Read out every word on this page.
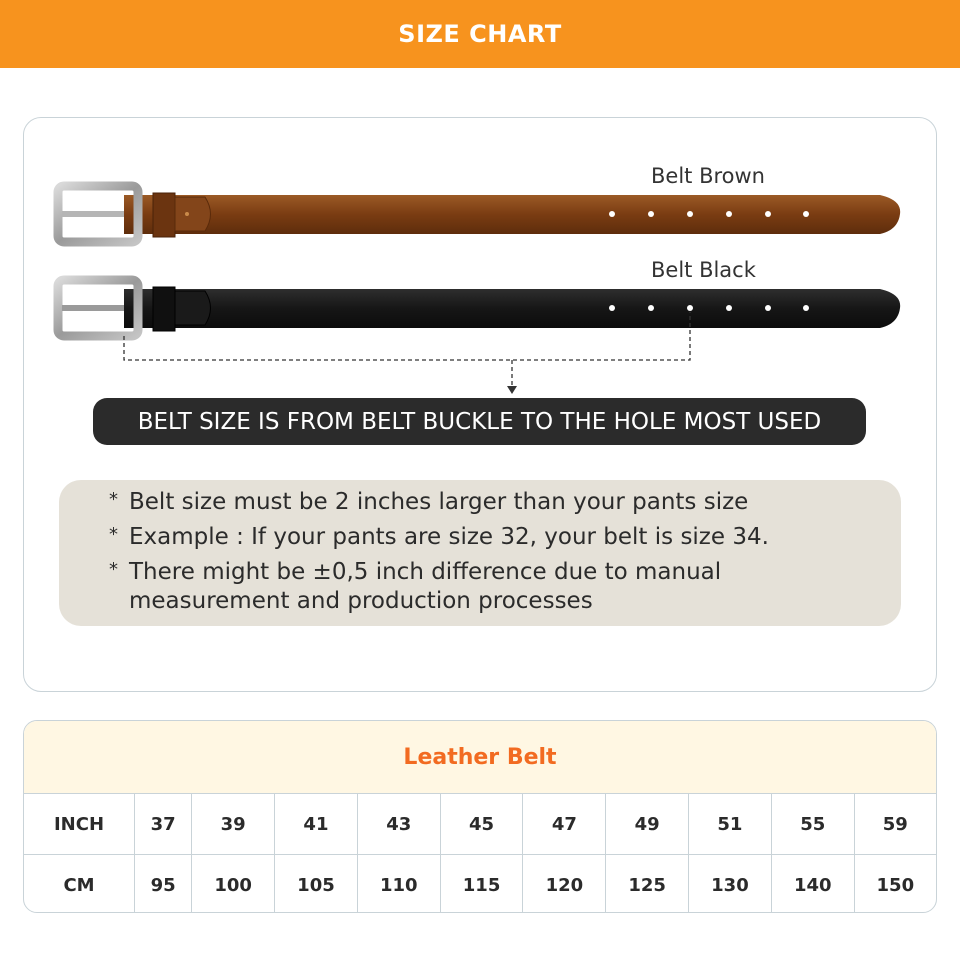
SIZE CHART
Belt Brown
Belt Black
BELT SIZE IS FROM BELT BUCKLE TO THE HOLE MOST USED
* Belt size must be 2 inches larger than your pants size
* Example : If your pants are size 32, your belt is size 34.
* There might be ±0,5 inch difference due to manual measurement and production processes
Leather Belt
INCH	37	39	41	43	45	47	49	51	55	59
CM	95	100	105	110	115	120	125	130	140	150
